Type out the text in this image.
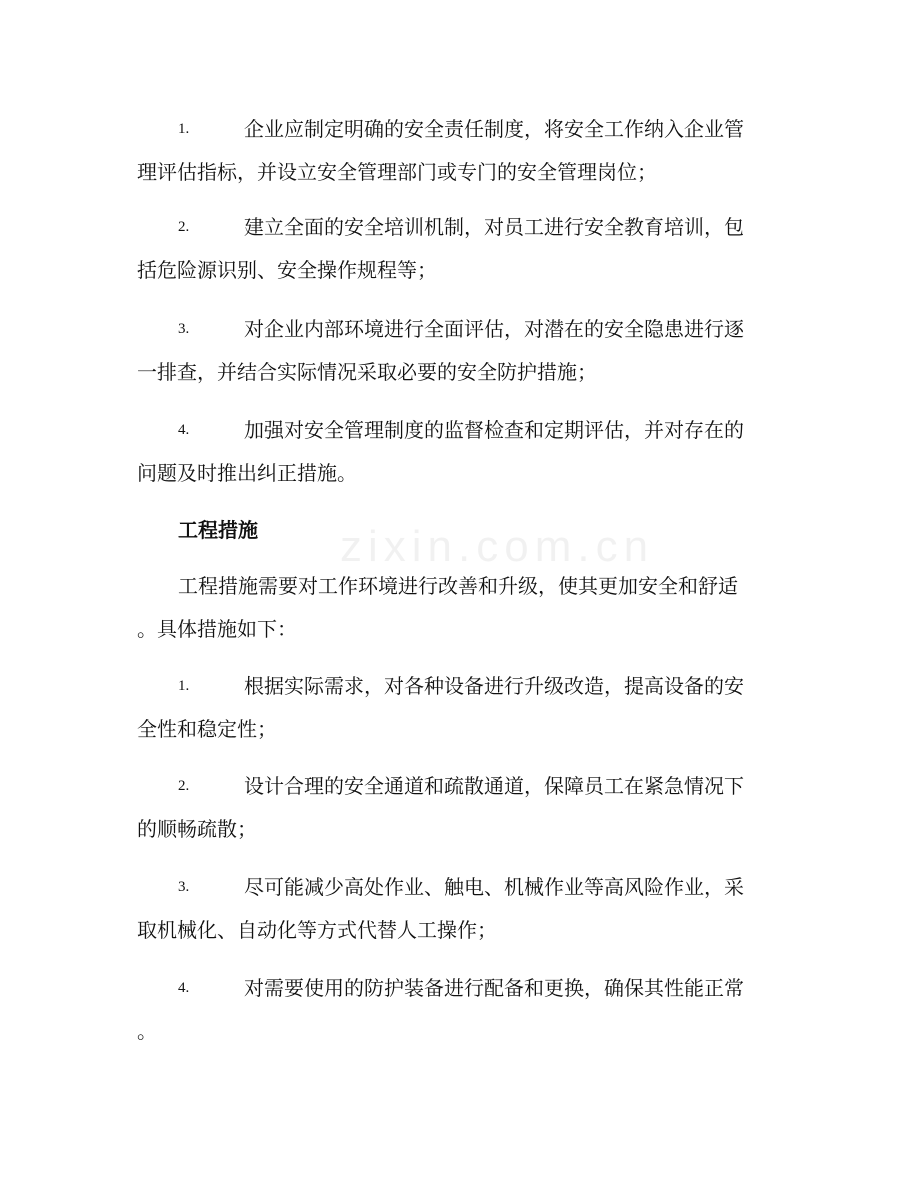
zixin.com.cn
1.	企业应制定明确的安全责任制度，将安全工作纳入企业管
理评估指标，并设立安全管理部门或专门的安全管理岗位；
2.	建立全面的安全培训机制，对员工进行安全教育培训，包
括危险源识别、安全操作规程等；
3.	对企业内部环境进行全面评估，对潜在的安全隐患进行逐
一排查，并结合实际情况采取必要的安全防护措施；
4.	加强对安全管理制度的监督检查和定期评估，并对存在的
问题及时推出纠正措施。
工程措施
工程措施需要对工作环境进行改善和升级，使其更加安全和舒适
。具体措施如下：
1.	根据实际需求，对各种设备进行升级改造，提高设备的安
全性和稳定性；
2.	设计合理的安全通道和疏散通道，保障员工在紧急情况下
的顺畅疏散；
3.	尽可能减少高处作业、触电、机械作业等高风险作业，采
取机械化、自动化等方式代替人工操作；
4.	对需要使用的防护装备进行配备和更换，确保其性能正常
。
